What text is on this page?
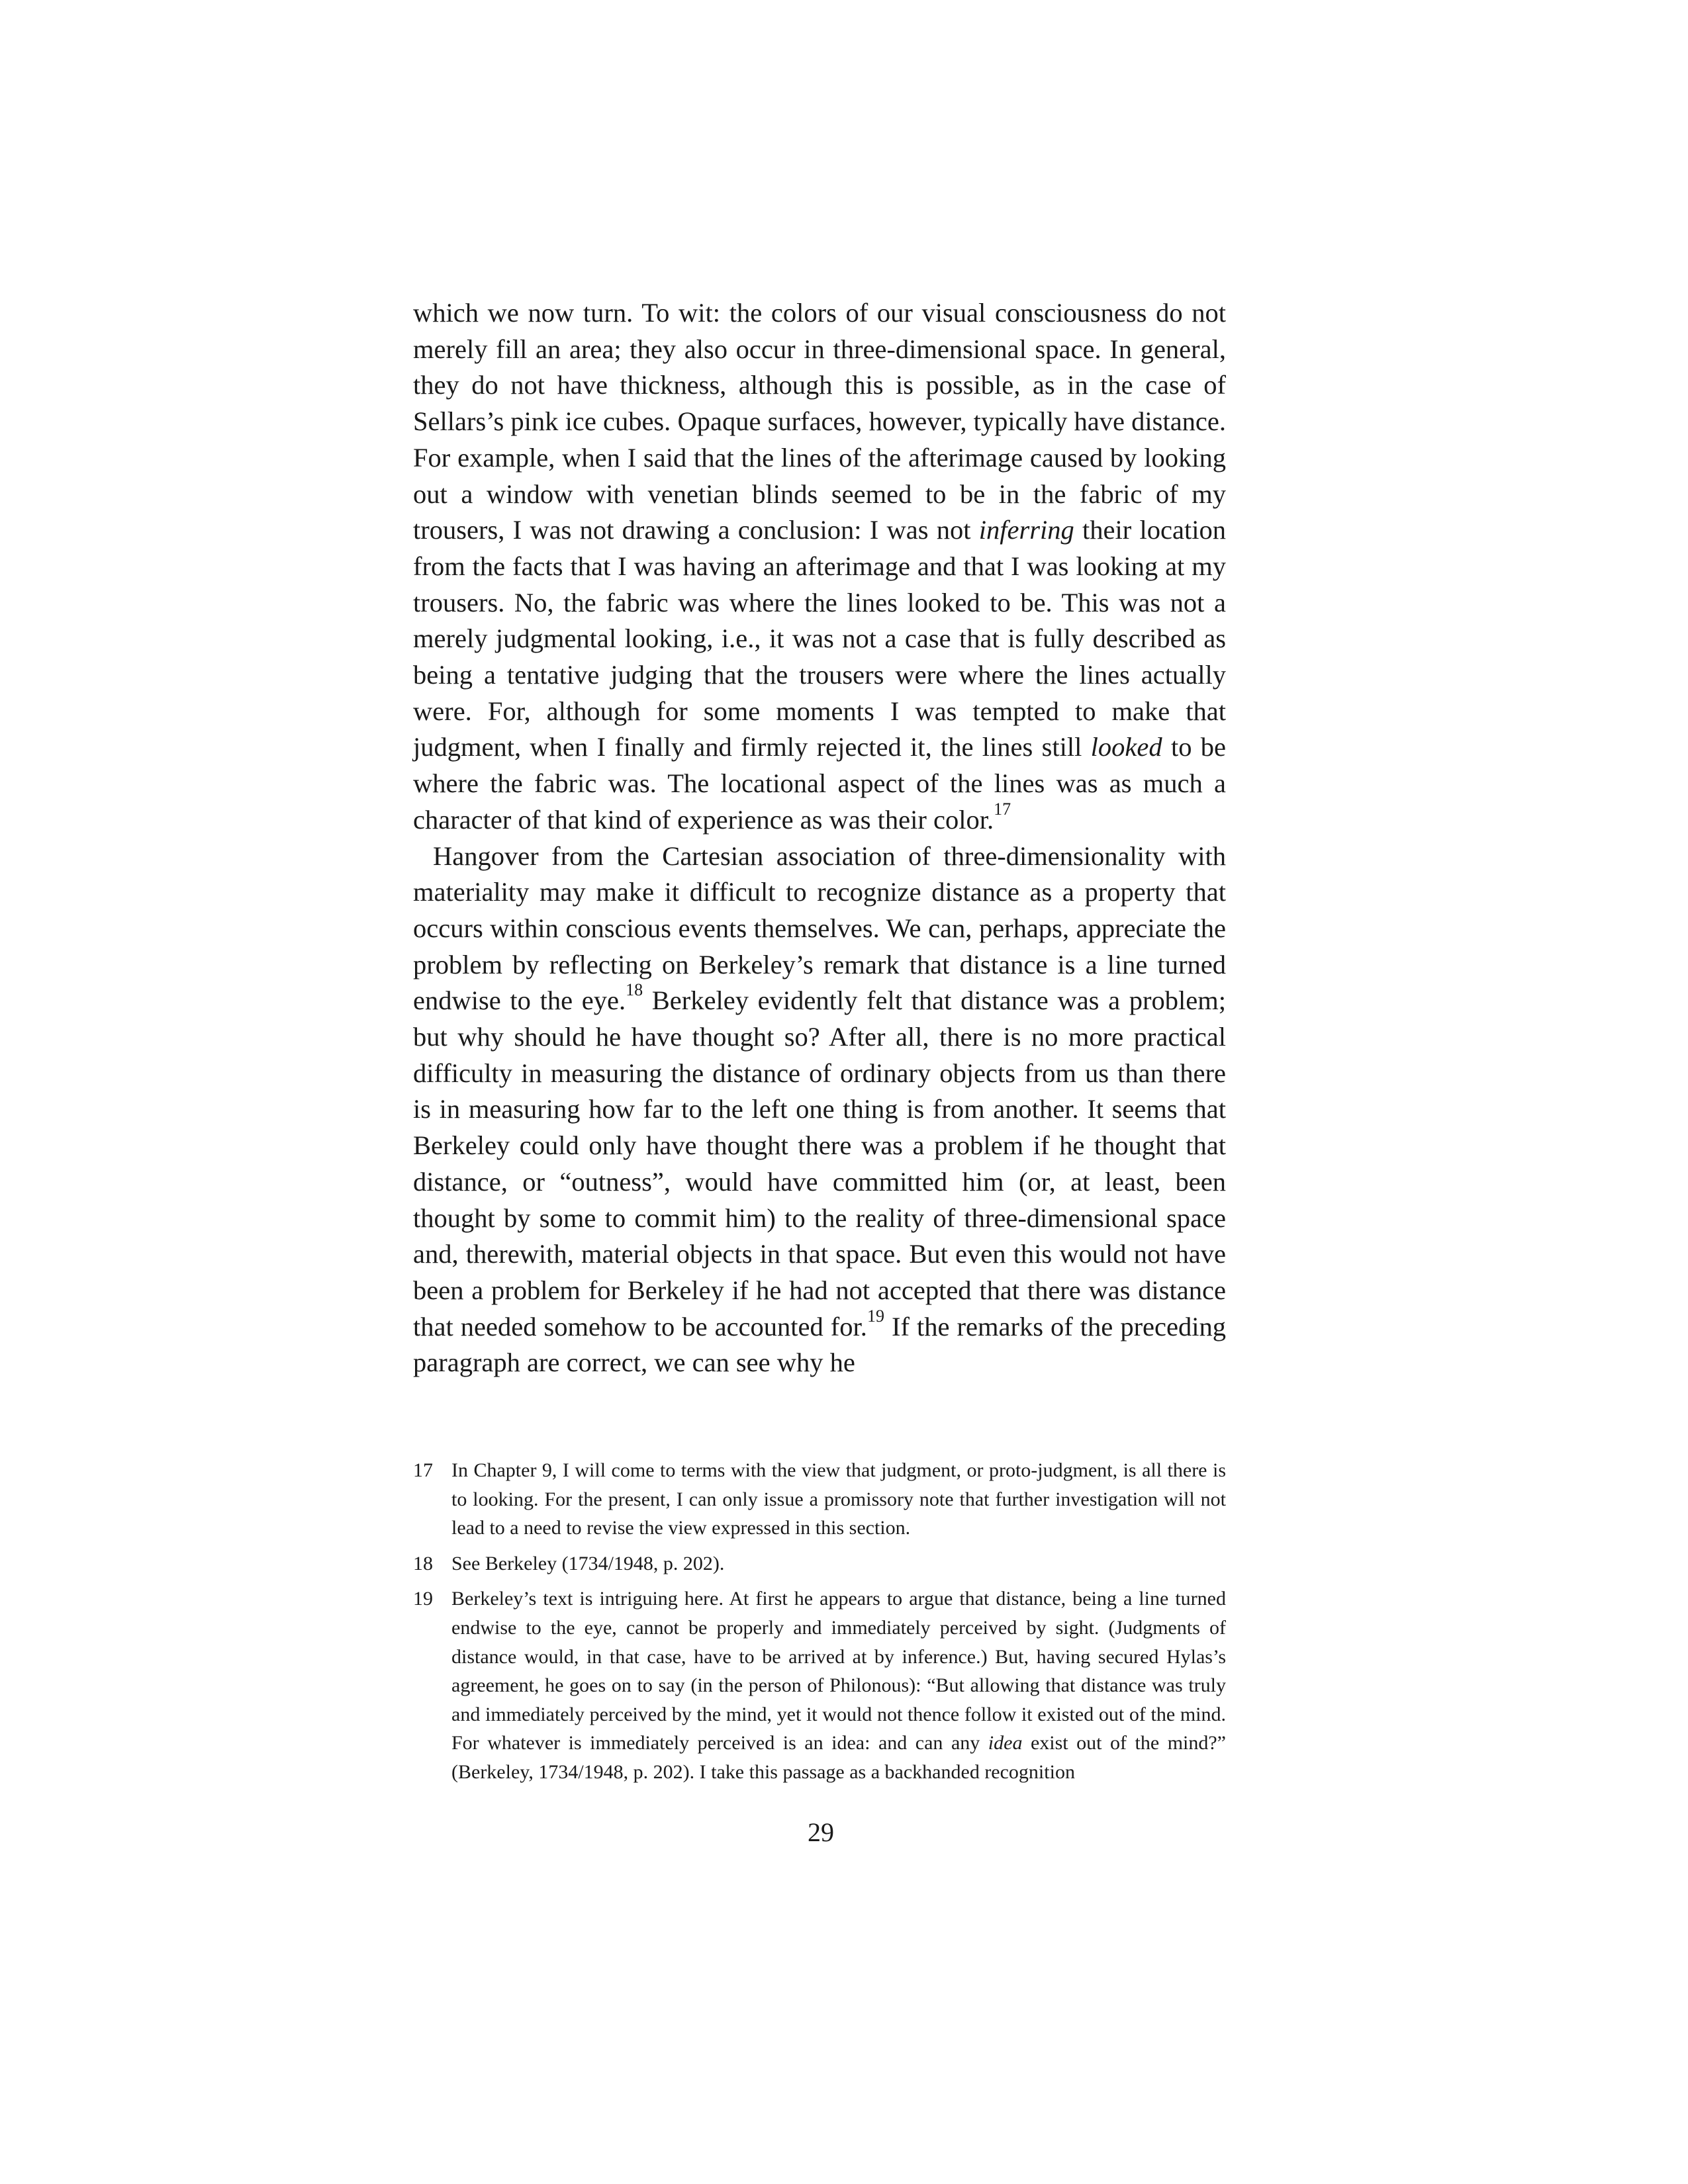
which we now turn. To wit: the colors of our visual consciousness do not merely fill an area; they also occur in three-dimensional space. In general, they do not have thickness, although this is possible, as in the case of Sellars’s pink ice cubes. Opaque surfaces, however, typically have distance. For example, when I said that the lines of the afterimage caused by looking out a window with venetian blinds seemed to be in the fabric of my trousers, I was not drawing a conclusion: I was not inferring their location from the facts that I was having an afterimage and that I was looking at my trousers. No, the fabric was where the lines looked to be. This was not a merely judgmental looking, i.e., it was not a case that is fully described as being a tentative judging that the trousers were where the lines actually were. For, although for some moments I was tempted to make that judgment, when I finally and firmly rejected it, the lines still looked to be where the fabric was. The locational aspect of the lines was as much a character of that kind of experience as was their color.$^{17}$

Hangover from the Cartesian association of three-dimensionality with materiality may make it difficult to recognize distance as a property that occurs within conscious events themselves. We can, perhaps, appreciate the problem by reflecting on Berkeley’s remark that distance is a line turned endwise to the eye.$^{18}$ Berkeley evidently felt that distance was a problem; but why should he have thought so? After all, there is no more practical difficulty in measuring the distance of ordinary objects from us than there is in measuring how far to the left one thing is from another. It seems that Berkeley could only have thought there was a problem if he thought that distance, or “outness”, would have committed him (or, at least, been thought by some to commit him) to the reality of three-dimensional space and, therewith, material objects in that space. But even this would not have been a problem for Berkeley if he had not accepted that there was distance that needed somehow to be accounted for.$^{19}$ If the remarks of the preceding paragraph are correct, we can see why he

17 In Chapter 9, I will come to terms with the view that judgment, or proto-judgment, is all there is to looking. For the present, I can only issue a promissory note that further investigation will not lead to a need to revise the view expressed in this section.
18 See Berkeley (1734/1948, p. 202).
19 Berkeley’s text is intriguing here. At first he appears to argue that distance, being a line turned endwise to the eye, cannot be properly and immediately perceived by sight. (Judgments of distance would, in that case, have to be arrived at by inference.) But, having secured Hylas’s agreement, he goes on to say (in the person of Philonous): “But allowing that distance was truly and immediately perceived by the mind, yet it would not thence follow it existed out of the mind. For whatever is immediately perceived is an idea: and can any idea exist out of the mind?” (Berkeley, 1734/1948, p. 202). I take this passage as a backhanded recognition
29
